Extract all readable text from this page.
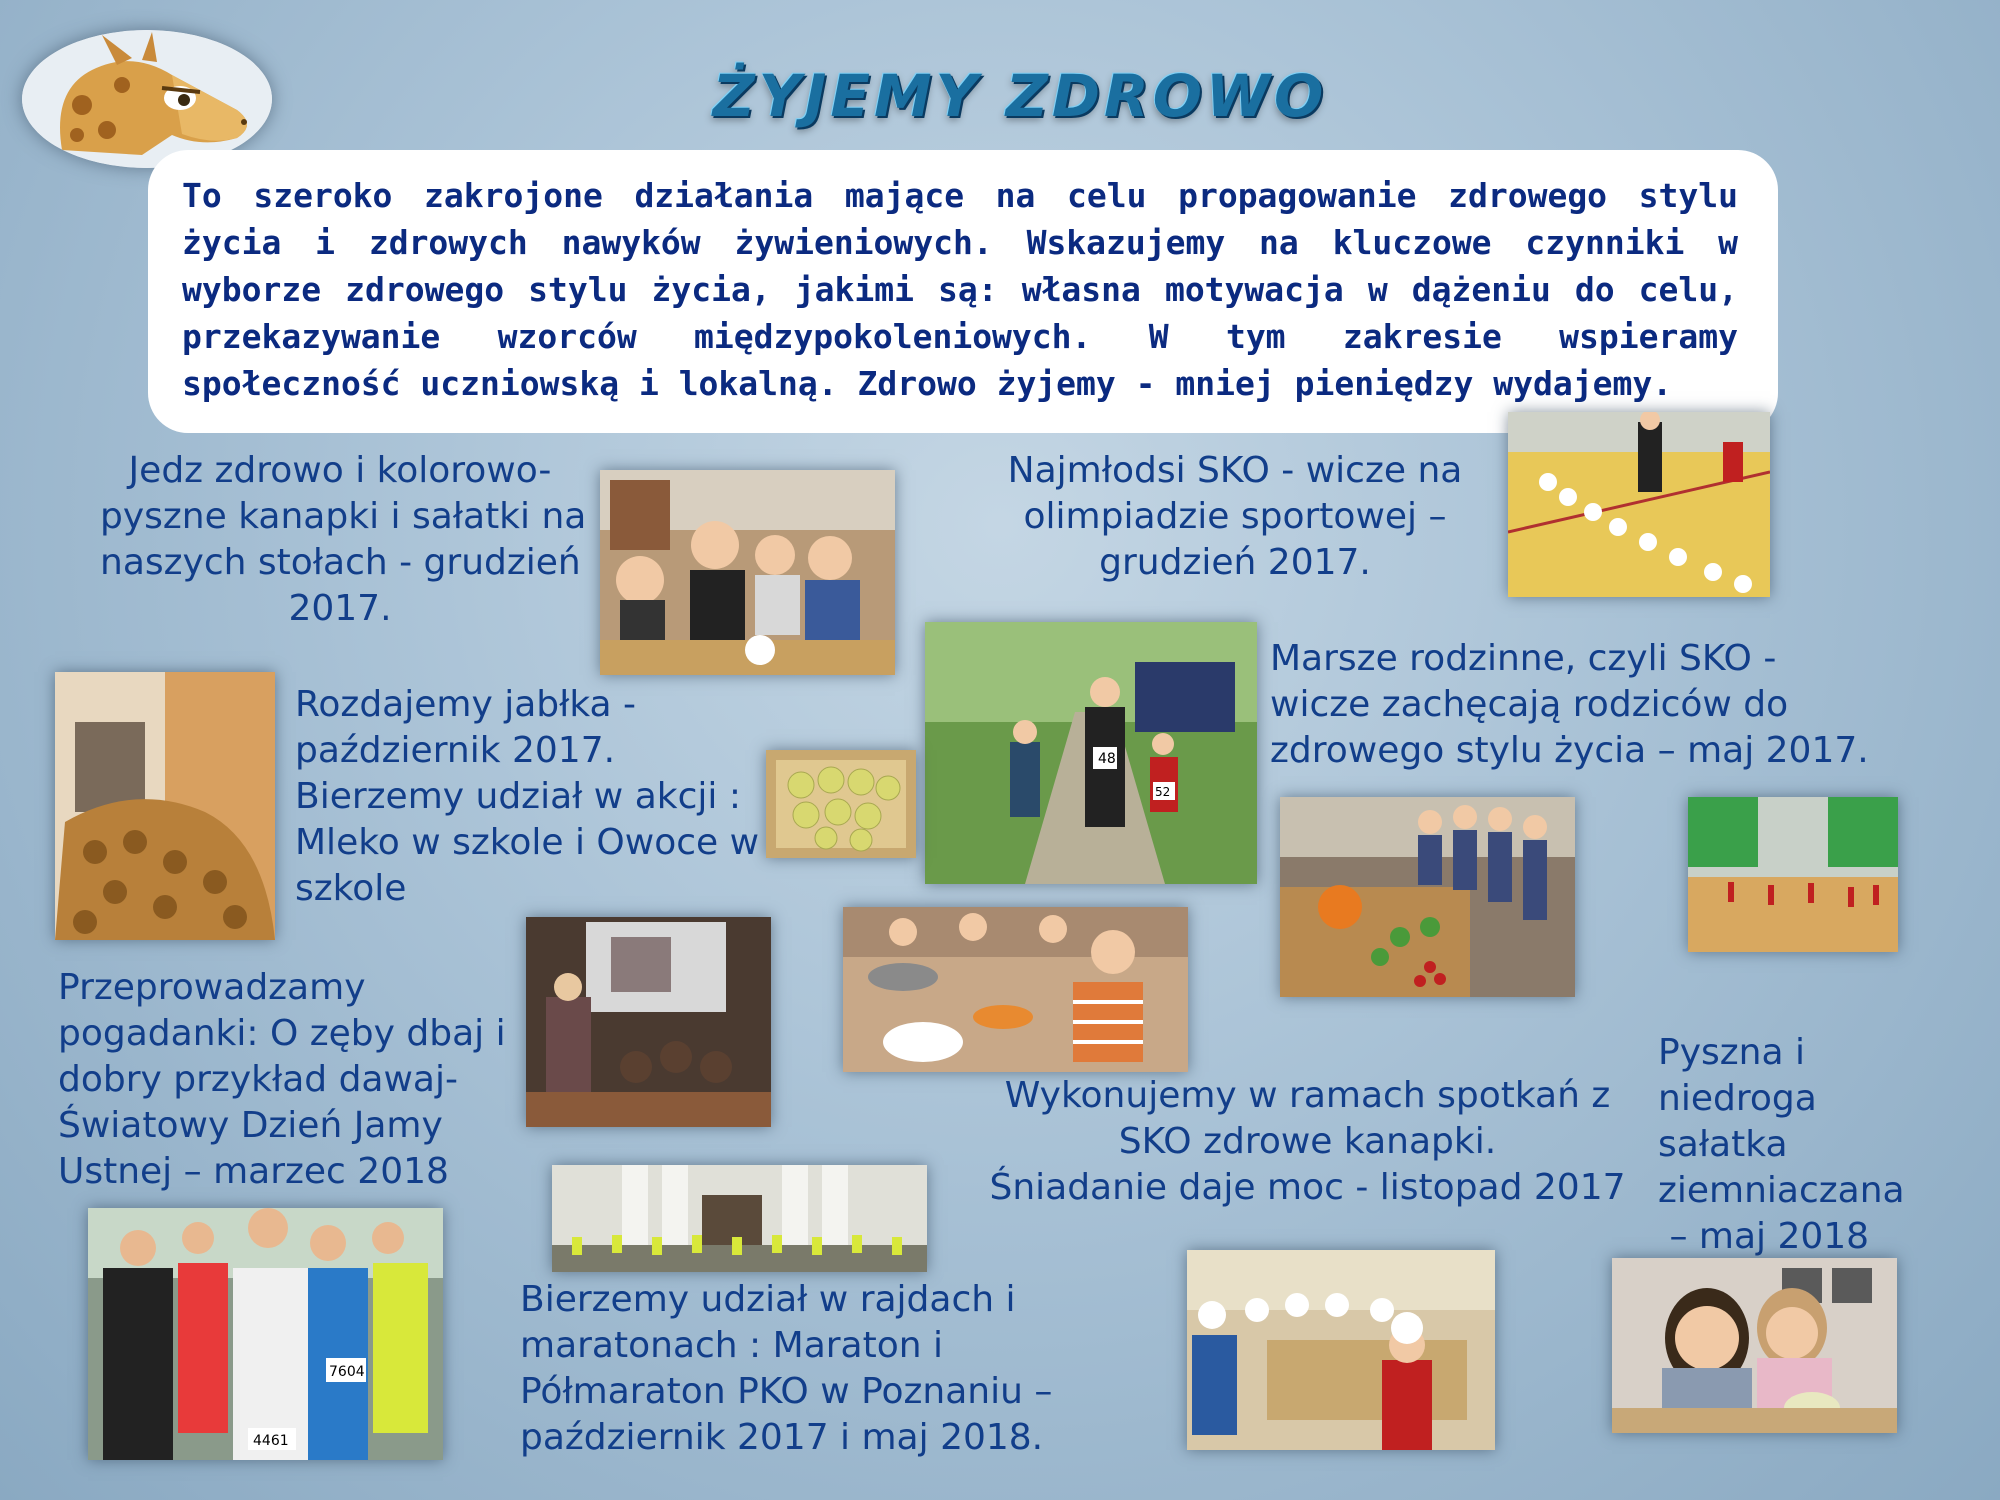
ŻYJEMY ZDROWO
To szeroko zakrojone działania mające na celu propagowanie zdrowego stylu życia i zdrowych nawyków żywieniowych. Wskazujemy na kluczowe czynniki w wyborze zdrowego stylu życia, jakimi są: własna motywacja w dążeniu do celu, przekazywanie wzorców międzypokoleniowych. W tym zakresie wspieramy społeczność uczniowską i lokalną. Zdrowo żyjemy - mniej pieniędzy wydajemy.
Jedz zdrowo i kolorowo-
pyszne kanapki i sałatki na
naszych stołach - grudzień
2017.
Najmłodsi SKO - wicze na
olimpiadzie sportowej –
grudzień 2017.
48
52
Marsze rodzinne, czyli SKO -
wicze zachęcają rodziców do
zdrowego stylu życia – maj 2017.
Rozdajemy jabłka -
październik 2017.
Bierzemy udział w akcji :
Mleko w szkole i Owoce w
szkole
Przeprowadzamy
pogadanki: O zęby dbaj i
dobry przykład dawaj-
Światowy Dzień Jamy
Ustnej – marzec 2018
Wykonujemy w ramach spotkań z
SKO zdrowe kanapki.
Śniadanie daje moc - listopad 2017
Pyszna i
niedroga
sałatka
ziemniaczana
– maj 2018
7604
4461
Bierzemy udział w rajdach i
maratonach : Maraton i
Półmaraton PKO w Poznaniu –
październik 2017 i maj 2018.
